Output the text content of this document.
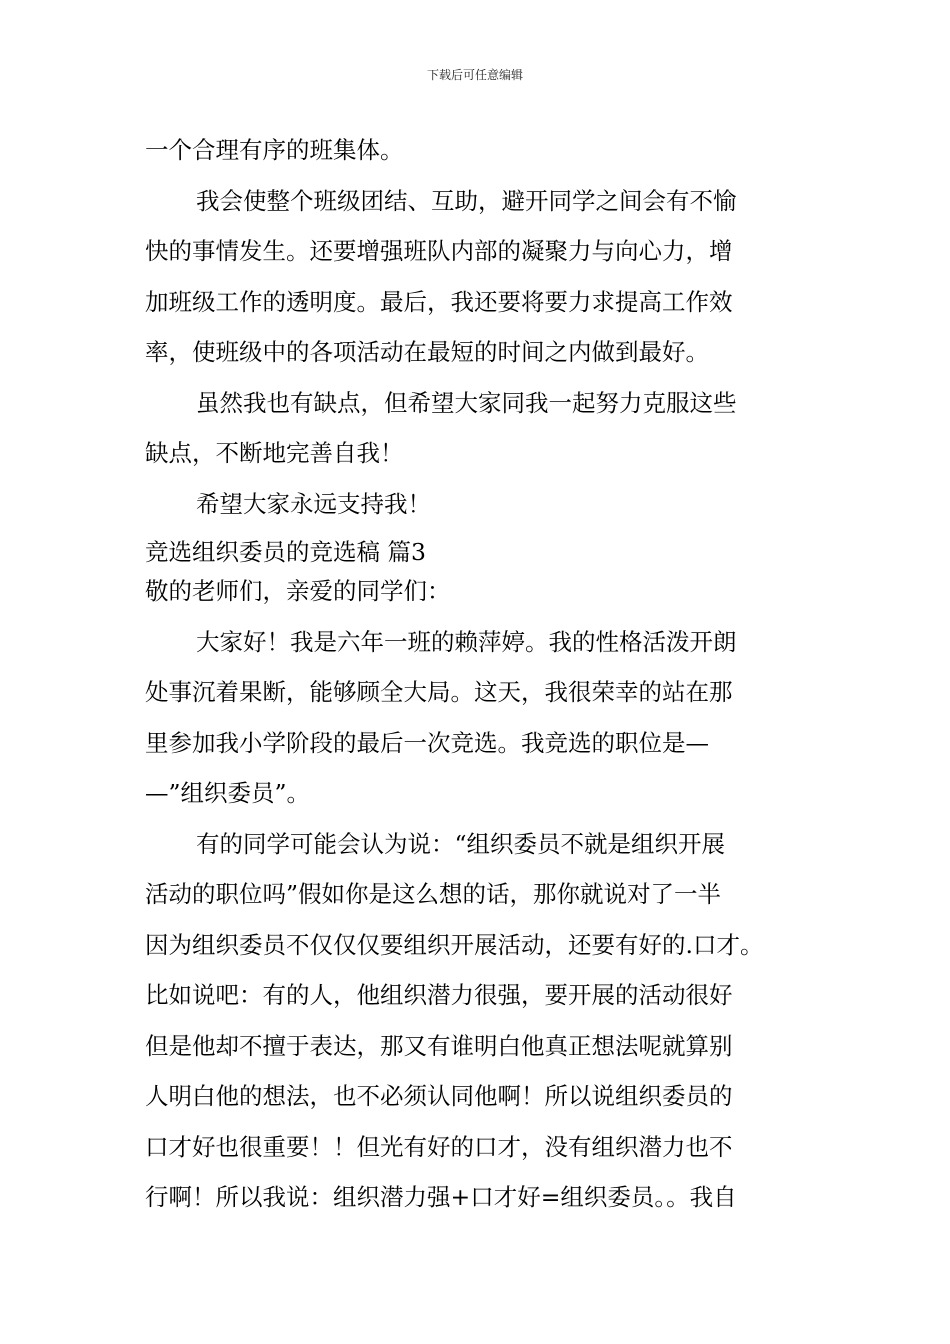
下载后可任意编辑
一个合理有序的班集体。
我会使整个班级团结、互助，避开同学之间会有不愉
快的事情发生。还要增强班队内部的凝聚力与向心力，增
加班级工作的透明度。最后，我还要将要力求提高工作效
率，使班级中的各项活动在最短的时间之内做到最好。
虽然我也有缺点，但希望大家同我一起努力克服这些
缺点，不断地完善自我！
希望大家永远支持我！
竞选组织委员的竞选稿 篇3
敬的老师们，亲爱的同学们：
大家好！我是六年一班的赖萍婷。我的性格活泼开朗
处事沉着果断，能够顾全大局。这天，我很荣幸的站在那
里参加我小学阶段的最后一次竞选。我竞选的职位是—
—”组织委员”。
有的同学可能会认为说：“组织委员不就是组织开展
活动的职位吗”假如你是这么想的话，那你就说对了一半
因为组织委员不仅仅仅要组织开展活动，还要有好的.口才。
比如说吧：有的人，他组织潜力很强，要开展的活动很好
但是他却不擅于表达，那又有谁明白他真正想法呢就算别
人明白他的想法，也不必须认同他啊！所以说组织委员的
口才好也很重要！！但光有好的口才，没有组织潜力也不
行啊！所以我说：组织潜力强+口才好=组织委员。。我自
